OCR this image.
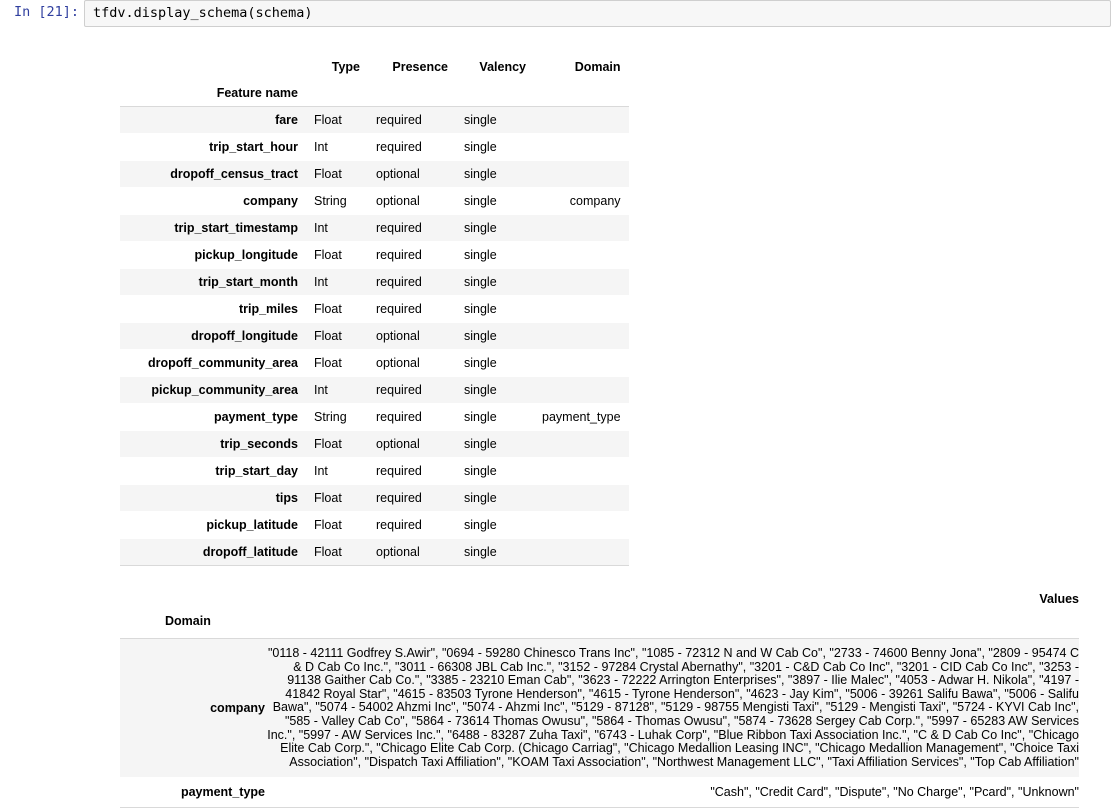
In [21]:	tfdv.display_schema(schema)
	Type	Presence	Valency	Domain
Feature name				
fare	Float	required	single	
trip_start_hour	Int	required	single	
dropoff_census_tract	Float	optional	single	
company	String	optional	single	company
trip_start_timestamp	Int	required	single	
pickup_longitude	Float	required	single	
trip_start_month	Int	required	single	
trip_miles	Float	required	single	
dropoff_longitude	Float	optional	single	
dropoff_community_area	Float	optional	single	
pickup_community_area	Int	required	single	
payment_type	String	required	single	payment_type
trip_seconds	Float	optional	single	
trip_start_day	Int	required	single	
tips	Float	required	single	
pickup_latitude	Float	required	single	
dropoff_latitude	Float	optional	single	
	Values
Domain	
company	"0118 - 42111 Godfrey S.Awir", "0694 - 59280 Chinesco Trans Inc", "1085 - 72312 N and W Cab Co", "2733 - 74600 Benny Jona", "2809 - 95474 C & D Cab Co Inc.", "3011 - 66308 JBL Cab Inc.", "3152 - 97284 Crystal Abernathy", "3201 - C&D Cab Co Inc", "3201 - CID Cab Co Inc", "3253 - 91138 Gaither Cab Co.", "3385 - 23210 Eman Cab", "3623 - 72222 Arrington Enterprises", "3897 - Ilie Malec", "4053 - Adwar H. Nikola", "4197 - 41842 Royal Star", "4615 - 83503 Tyrone Henderson", "4615 - Tyrone Henderson", "4623 - Jay Kim", "5006 - 39261 Salifu Bawa", "5006 - Salifu Bawa", "5074 - 54002 Ahzmi Inc", "5074 - Ahzmi Inc", "5129 - 87128", "5129 - 98755 Mengisti Taxi", "5129 - Mengisti Taxi", "5724 - KYVI Cab Inc", "585 - Valley Cab Co", "5864 - 73614 Thomas Owusu", "5864 - Thomas Owusu", "5874 - 73628 Sergey Cab Corp.", "5997 - 65283 AW Services Inc.", "5997 - AW Services Inc.", "6488 - 83287 Zuha Taxi", "6743 - Luhak Corp", "Blue Ribbon Taxi Association Inc.", "C & D Cab Co Inc", "Chicago Elite Cab Corp.", "Chicago Elite Cab Corp. (Chicago Carriag", "Chicago Medallion Leasing INC", "Chicago Medallion Management", "Choice Taxi Association", "Dispatch Taxi Affiliation", "KOAM Taxi Association", "Northwest Management LLC", "Taxi Affiliation Services", "Top Cab Affiliation"
payment_type	"Cash", "Credit Card", "Dispute", "No Charge", "Pcard", "Unknown"
